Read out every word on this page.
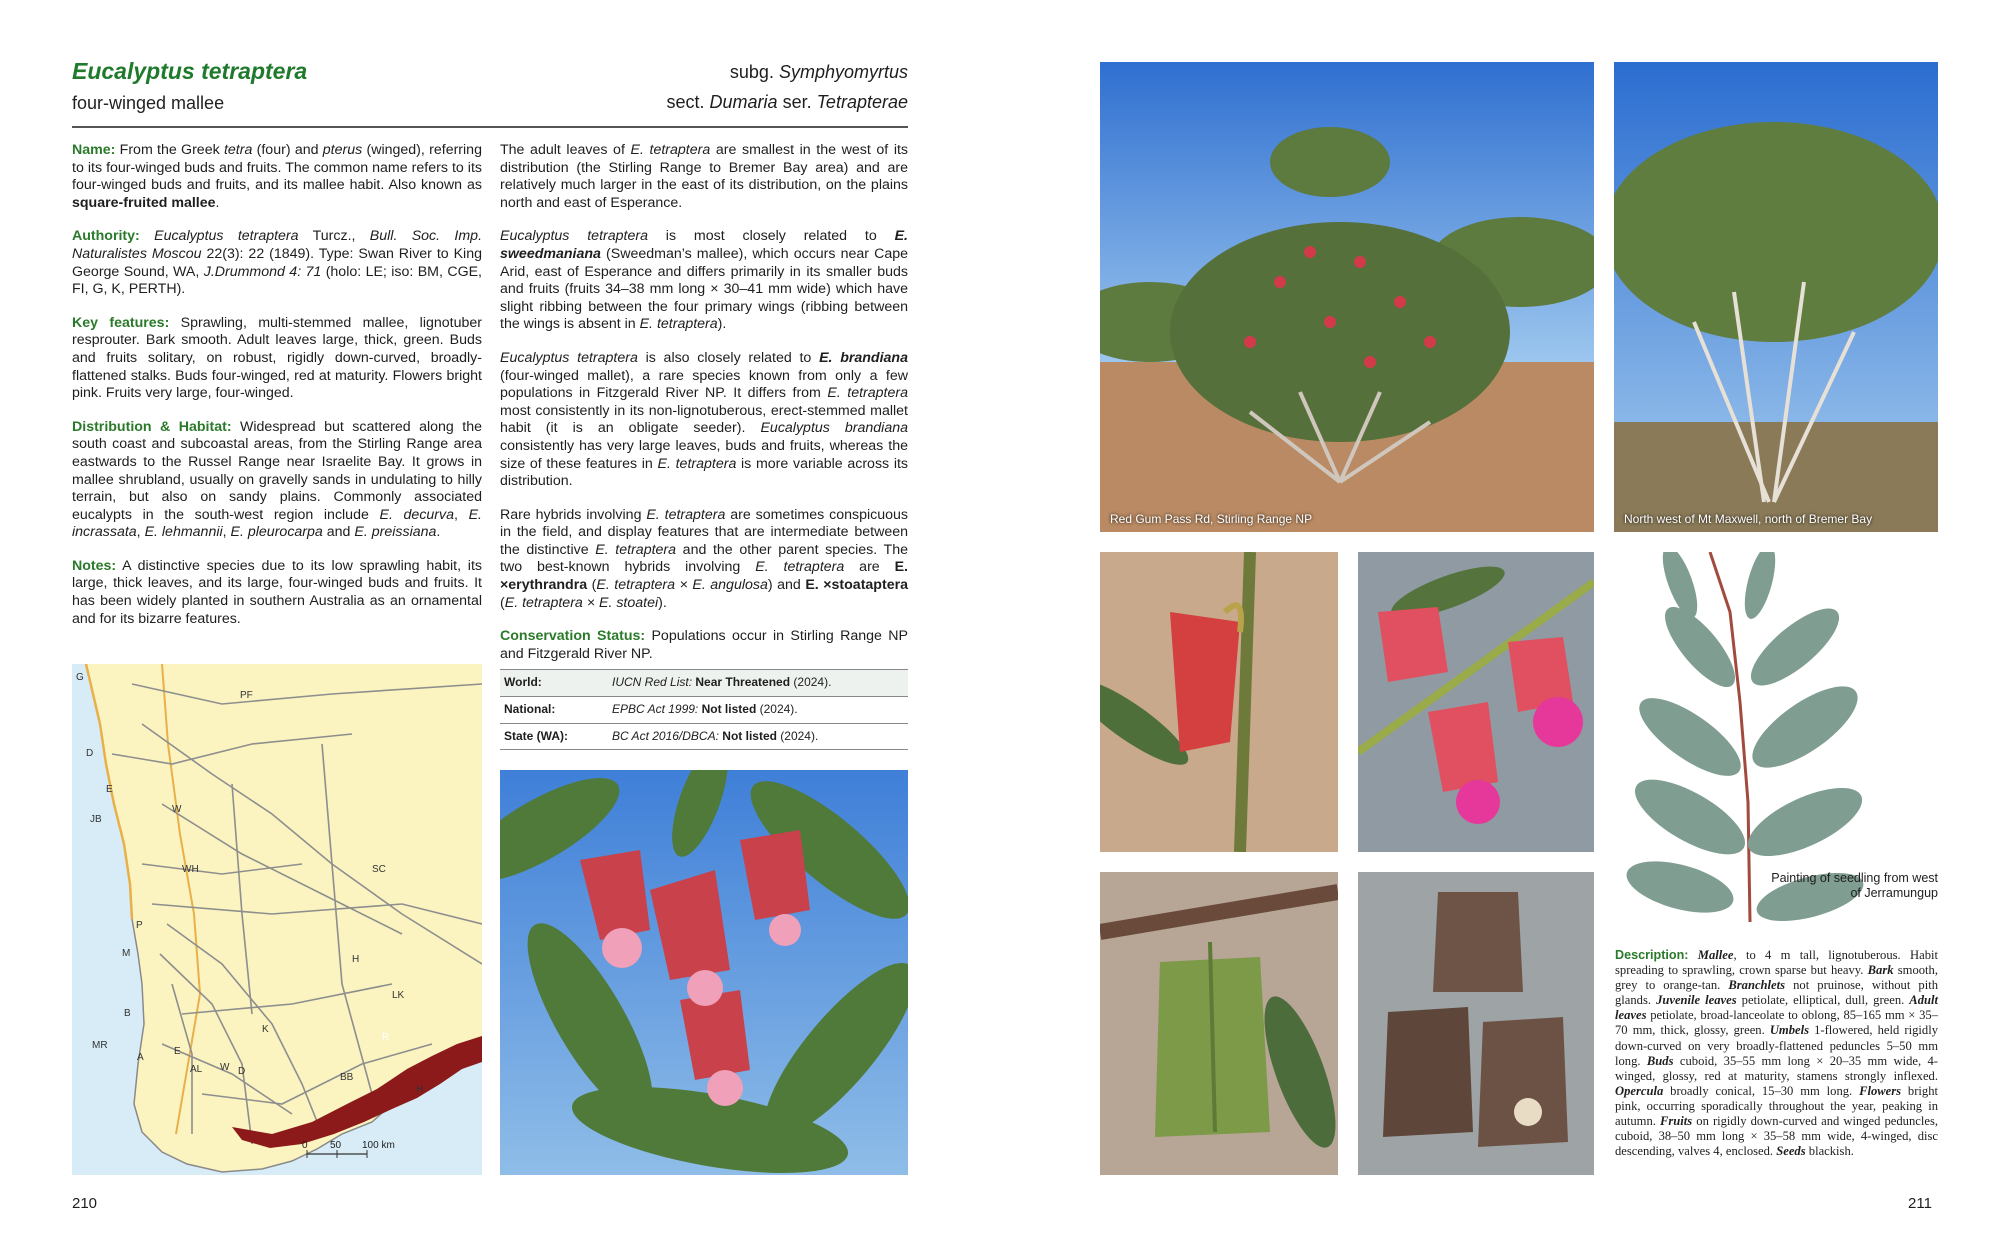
Eucalyptus tetraptera
four-winged mallee
subg. Symphyomyrtus
sect. Dumaria ser. Tetrapterae

Name: From the Greek tetra (four) and pterus (winged), referring to its four-winged buds and fruits. The common name refers to its four-winged buds and fruits, and its mallee habit. Also known as square-fruited mallee.

Authority: Eucalyptus tetraptera Turcz., Bull. Soc. Imp. Naturalistes Moscou 22(3): 22 (1849). Type: Swan River to King George Sound, WA, J.Drummond 4: 71 (holo: LE; iso: BM, CGE, FI, G, K, PERTH).

Key features: Sprawling, multi-stemmed mallee, lignotuber resprouter. Bark smooth. Adult leaves large, thick, green. Buds and fruits solitary, on robust, rigidly down-curved, broadly-flattened stalks. Buds four-winged, red at maturity. Flowers bright pink. Fruits very large, four-winged.

Distribution & Habitat: Widespread but scattered along the south coast and subcoastal areas, from the Stirling Range area eastwards to the Russel Range near Israelite Bay. It grows in mallee shrubland, usually on gravelly sands in undulating to hilly terrain, but also on sandy plains. Commonly associated eucalypts in the south-west region include E. decurva, E. incrassata, E. lehmannii, E. pleurocarpa and E. preissiana.

Notes: A distinctive species due to its low sprawling habit, its large, thick leaves, and its large, four-winged buds and fruits. It has been widely planted in southern Australia as an ornamental and for its bizarre features.

The adult leaves of E. tetraptera are smallest in the west of its distribution (the Stirling Range to Bremer Bay area) and are relatively much larger in the east of its distribution, on the plains north and east of Esperance.

Eucalyptus tetraptera is most closely related to E. sweedmaniana (Sweedman’s mallee), which occurs near Cape Arid, east of Esperance and differs primarily in its smaller buds and fruits (fruits 34–38 mm long × 30–41 mm wide) which have slight ribbing between the four primary wings (ribbing between the wings is absent in E. tetraptera).

Eucalyptus tetraptera is also closely related to E. brandiana (four-winged mallet), a rare species known from only a few populations in Fitzgerald River NP. It differs from E. tetraptera most consistently in its non-lignotuberous, erect-stemmed mallet habit (it is an obligate seeder). Eucalyptus brandiana consistently has very large leaves, buds and fruits, whereas the size of these features in E. tetraptera is more variable across its distribution.

Rare hybrids involving E. tetraptera are sometimes conspicuous in the field, and display features that are intermediate between the distinctive E. tetraptera and the other parent species. The two best-known hybrids involving E. tetraptera are E. ×erythrandra (E. tetraptera × E. angulosa) and E. ×stoataptera (E. tetraptera × E. stoatei).

Conservation Status: Populations occur in Stirling Range NP and Fitzgerald River NP.

World:	IUCN Red List: Near Threatened (2024).
National:	EPBC Act 1999: Not listed (2024).
State (WA):	BC Act 2016/DBCA: Not listed (2024).
0 50 100 km
G
PF
D
E
JB
W
WH	SC
P
M
H
LK
B
K
R
MR
A
E
AL W D
BB
H
Red Gum Pass Rd, Stirling Range NP	North west of Mt Maxwell, north of Bremer Bay
Painting of seedling from west of Jerramungup
Description: Mallee, to 4 m tall, lignotuberous. Habit spreading to sprawling, crown sparse but heavy. Bark smooth, grey to orange-tan. Branchlets not pruinose, without pith glands. Juvenile leaves petiolate, elliptical, dull, green. Adult leaves petiolate, broad-lanceolate to oblong, 85–165 mm × 35–70 mm, thick, glossy, green. Umbels 1-flowered, held rigidly down-curved on very broadly-flattened peduncles 5–50 mm long. Buds cuboid, 35–55 mm long × 20–35 mm wide, 4-winged, glossy, red at maturity, stamens strongly inflexed. Opercula broadly conical, 15–30 mm long. Flowers bright pink, occurring sporadically throughout the year, peaking in autumn. Fruits on rigidly down-curved and winged peduncles, cuboid, 38–50 mm long × 35–58 mm wide, 4-winged, disc descending, valves 4, enclosed. Seeds blackish.
210	211
